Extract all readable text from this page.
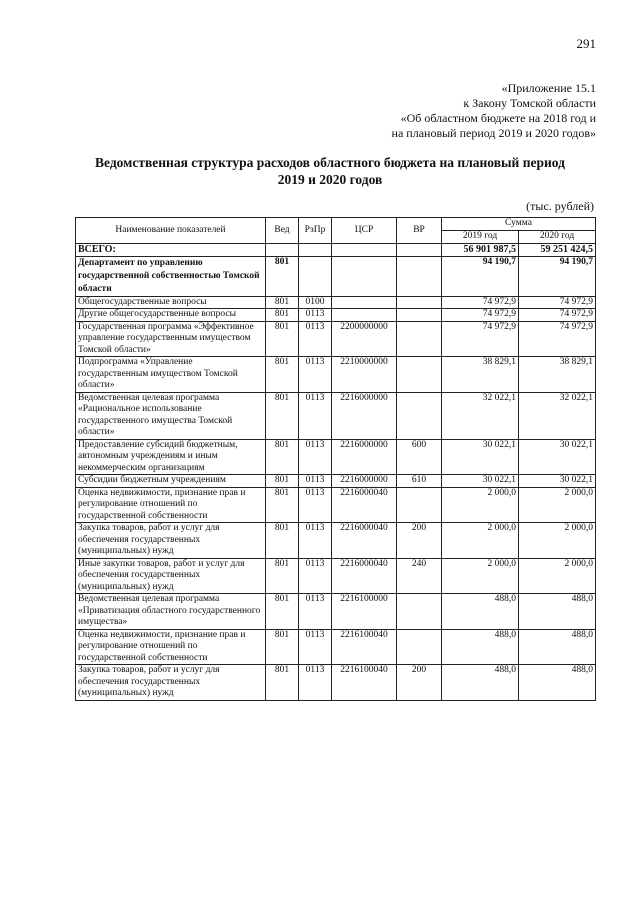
291
«Приложение 15.1
к Закону Томской области
«Об областном бюджете на 2018 год и
на плановый период 2019 и 2020 годов»
Ведомственная структура расходов областного бюджета на плановый период
2019 и 2020 годов
(тыс. рублей)
Наименование показателей	Вед	РзПр	ЦСР	ВР	Сумма	
					2019 год	2020 год
ВСЕГО:					56 901 987,5	59 251 424,5
Департамент по управлению государственной собственностью Томской области	801				94 190,7	94 190,7
Общегосударственные вопросы	801	0100			74 972,9	74 972,9
Другие общегосударственные вопросы	801	0113			74 972,9	74 972,9
Государственная программа «Эффективное управление государственным имуществом Томской области»	801	0113	2200000000		74 972,9	74 972,9
Подпрограмма «Управление государственным имуществом Томской области»	801	0113	2210000000		38 829,1	38 829,1
Ведомственная целевая программа «Рациональное использование государственного имущества Томской области»	801	0113	2216000000		32 022,1	32 022,1
Предоставление субсидий бюджетным, автономным учреждениям и иным некоммерческим организациям	801	0113	2216000000	600	30 022,1	30 022,1
Субсидии бюджетным учреждениям	801	0113	2216000000	610	30 022,1	30 022,1
Оценка недвижимости, признание прав и регулирование отношений по государственной собственности	801	0113	2216000040		2 000,0	2 000,0
Закупка товаров, работ и услуг для обеспечения государственных (муниципальных) нужд	801	0113	2216000040	200	2 000,0	2 000,0
Иные закупки товаров, работ и услуг для обеспечения государственных (муниципальных) нужд	801	0113	2216000040	240	2 000,0	2 000,0
Ведомственная целевая программа «Приватизация областного государственного имущества»	801	0113	2216100000		488,0	488,0
Оценка недвижимости, признание прав и регулирование отношений по государственной собственности	801	0113	2216100040		488,0	488,0
Закупка товаров, работ и услуг для обеспечения государственных (муниципальных) нужд	801	0113	2216100040	200	488,0	488,0
